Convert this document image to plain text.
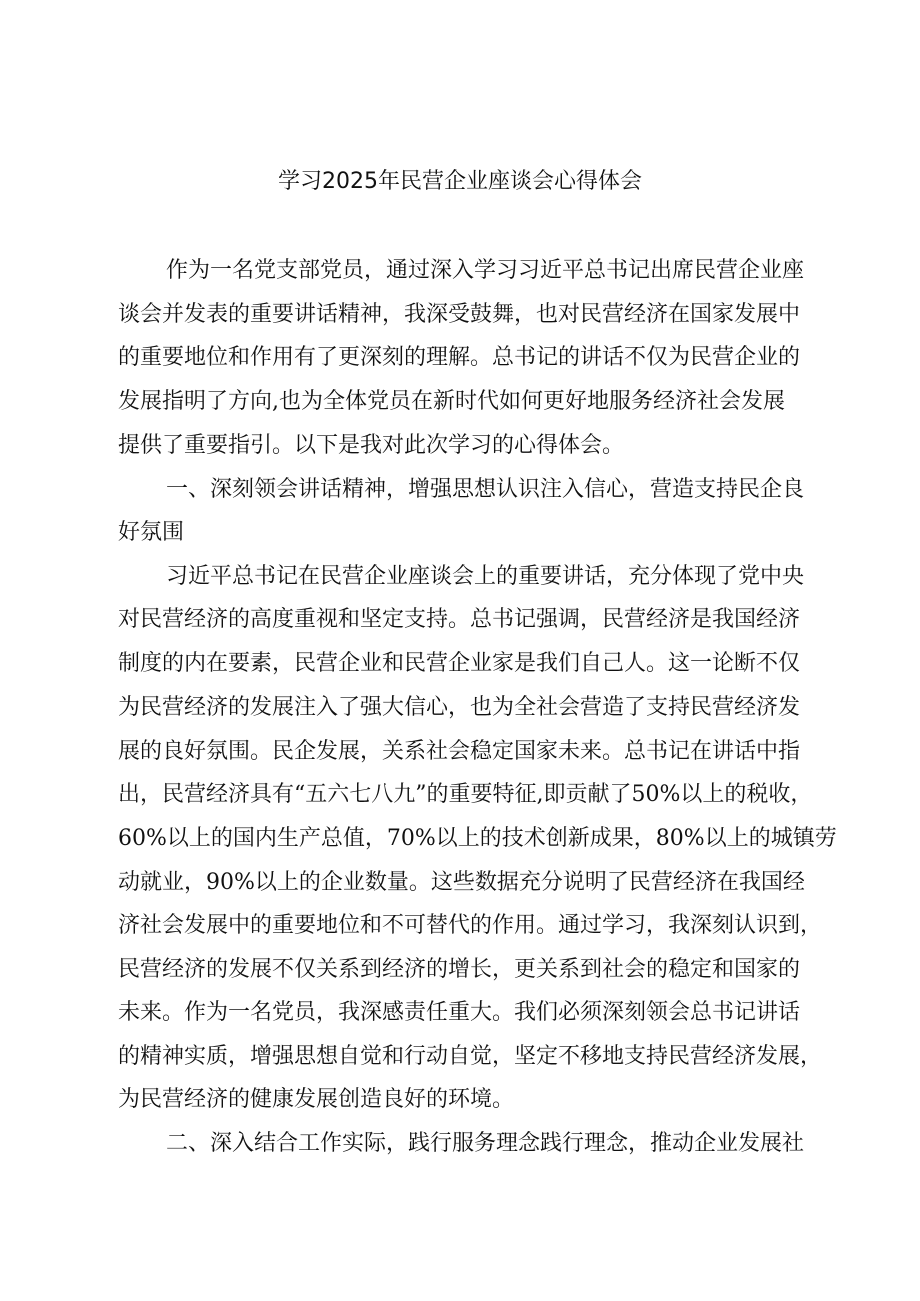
学习2025年民营企业座谈会心得体会

作为一名党支部党员，通过深入学习习近平总书记出席民营企业座

谈会并发表的重要讲话精神，我深受鼓舞，也对民营经济在国家发展中

的重要地位和作用有了更深刻的理解。总书记的讲话不仅为民营企业的

发展指明了方向,也为全体党员在新时代如何更好地服务经济社会发展

提供了重要指引。以下是我对此次学习的心得体会。

一、深刻领会讲话精神，增强思想认识注入信心，营造支持民企良

好氛围

习近平总书记在民营企业座谈会上的重要讲话，充分体现了党中央

对民营经济的高度重视和坚定支持。总书记强调，民营经济是我国经济

制度的内在要素，民营企业和民营企业家是我们自己人。这一论断不仅

为民营经济的发展注入了强大信心，也为全社会营造了支持民营经济发

展的良好氛围。民企发展，关系社会稳定国家未来。总书记在讲话中指

出，民营经济具有“五六七八九”的重要特征,即贡献了50%以上的税收，

60%以上的国内生产总值，70%以上的技术创新成果，80%以上的城镇劳

动就业，90%以上的企业数量。这些数据充分说明了民营经济在我国经

济社会发展中的重要地位和不可替代的作用。通过学习，我深刻认识到，

民营经济的发展不仅关系到经济的增长，更关系到社会的稳定和国家的

未来。作为一名党员，我深感责任重大。我们必须深刻领会总书记讲话

的精神实质，增强思想自觉和行动自觉，坚定不移地支持民营经济发展，

为民营经济的健康发展创造良好的环境。

二、深入结合工作实际，践行服务理念践行理念，推动企业发展社
